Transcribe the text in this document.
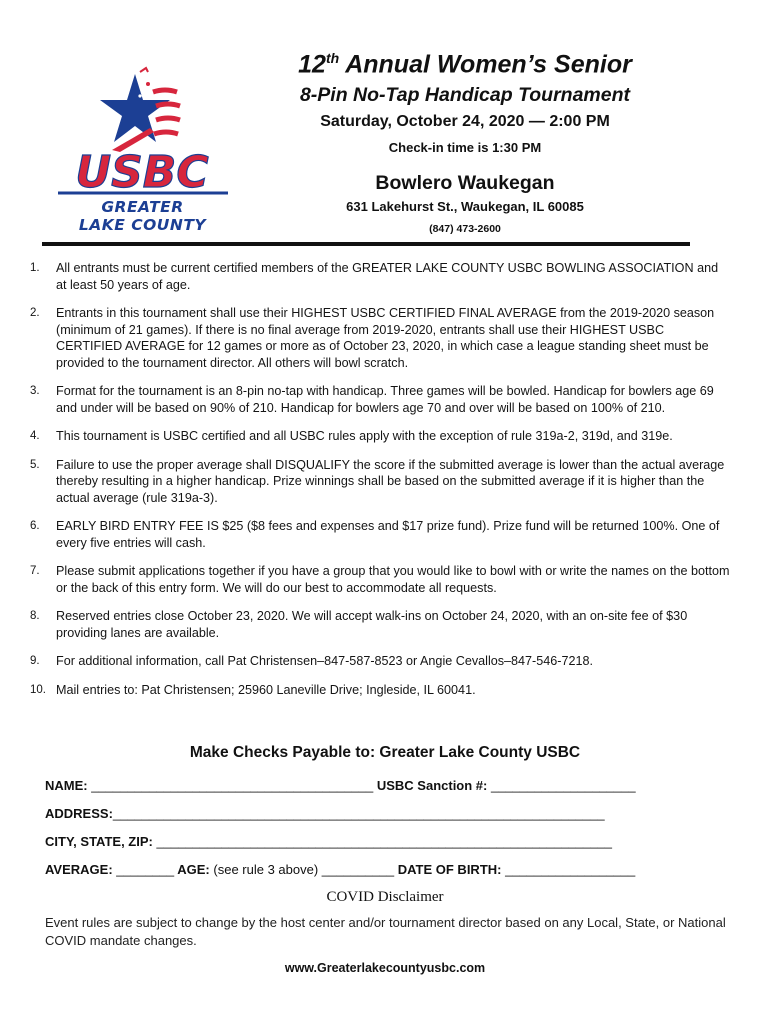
USBC
GREATER
LAKE COUNTY
12th Annual Women’s Senior
8-Pin No-Tap Handicap Tournament
Saturday, October 24, 2020 — 2:00 PM
Check-in time is 1:30 PM
Bowlero Waukegan
631 Lakehurst St., Waukegan, IL 60085
(847) 473-2600
1. All entrants must be current certified members of the GREATER LAKE COUNTY USBC BOWLING ASSOCIATION and at least 50 years of age.
2. Entrants in this tournament shall use their HIGHEST USBC CERTIFIED FINAL AVERAGE from the 2019-2020 season (minimum of 21 games). If there is no final average from 2019-2020, entrants shall use their HIGHEST USBC CERTIFIED AVERAGE for 12 games or more as of October 23, 2020, in which case a league standing sheet must be provided to the tournament director. All others will bowl scratch.
3. Format for the tournament is an 8-pin no-tap with handicap. Three games will be bowled. Handicap for bowlers age 69 and under will be based on 90% of 210. Handicap for bowlers age 70 and over will be based on 100% of 210.
4. This tournament is USBC certified and all USBC rules apply with the exception of rule 319a-2, 319d, and 319e.
5. Failure to use the proper average shall DISQUALIFY the score if the submitted average is lower than the actual average thereby resulting in a higher handicap. Prize winnings shall be based on the submitted average if it is higher than the actual average (rule 319a-3).
6. EARLY BIRD ENTRY FEE IS $25 ($8 fees and expenses and $17 prize fund). Prize fund will be returned 100%. One of every five entries will cash.
7. Please submit applications together if you have a group that you would like to bowl with or write the names on the bottom or the back of this entry form. We will do our best to accommodate all requests.
8. Reserved entries close October 23, 2020. We will accept walk-ins on October 24, 2020, with an on-site fee of $30 providing lanes are available.
9. For additional information, call Pat Christensen–847-587-8523 or Angie Cevallos–847-546-7218.
10. Mail entries to: Pat Christensen; 25960 Laneville Drive; Ingleside, IL 60041.
Make Checks Payable to: Greater Lake County USBC
NAME: _______________________________________ USBC Sanction #: ____________________
ADDRESS:____________________________________________________________________
CITY, STATE, ZIP: _______________________________________________________________
AVERAGE: ________ AGE: (see rule 3 above) __________ DATE OF BIRTH: __________________
COVID Disclaimer
Event rules are subject to change by the host center and/or tournament director based on any Local, State, or National COVID mandate changes.
www.Greaterlakecountyusbc.com
